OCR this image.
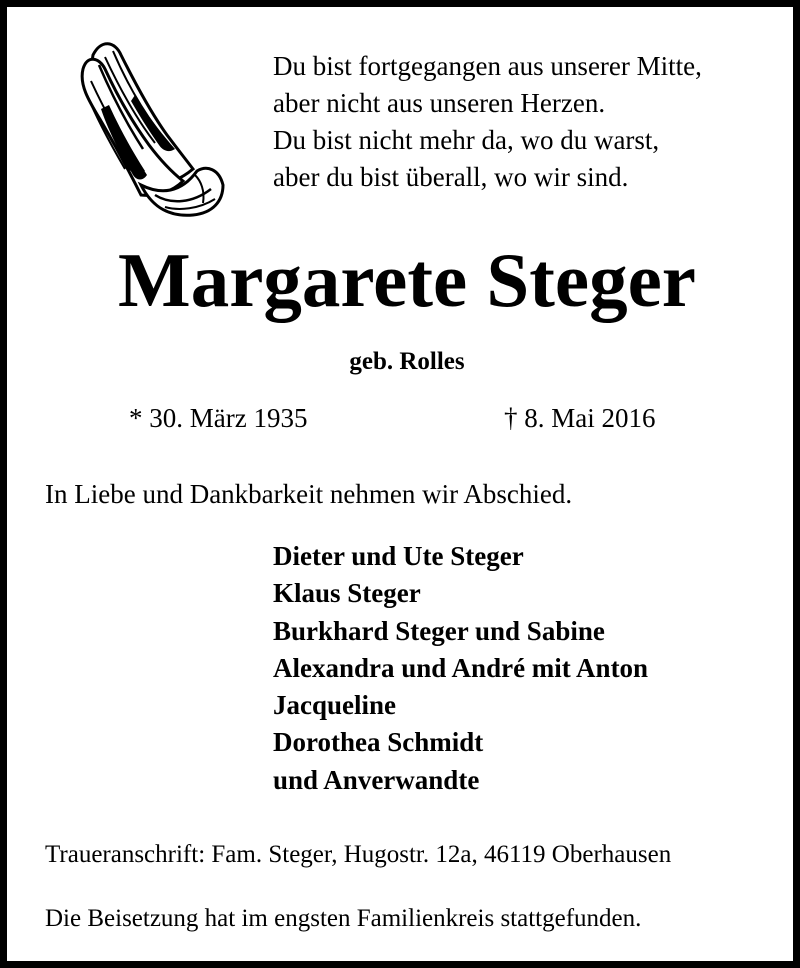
Du bist fortgegangen aus unserer Mitte,
aber nicht aus unseren Herzen.
Du bist nicht mehr da, wo du warst,
aber du bist überall, wo wir sind.
Margarete Steger
geb. Rolles
* 30. März 1935	† 8. Mai 2016
In Liebe und Dankbarkeit nehmen wir Abschied.
Dieter und Ute Steger
Klaus Steger
Burkhard Steger und Sabine
Alexandra und André mit Anton
Jacqueline
Dorothea Schmidt
und Anverwandte
Traueranschrift: Fam. Steger, Hugostr. 12a, 46119 Oberhausen
Die Beisetzung hat im engsten Familienkreis stattgefunden.
